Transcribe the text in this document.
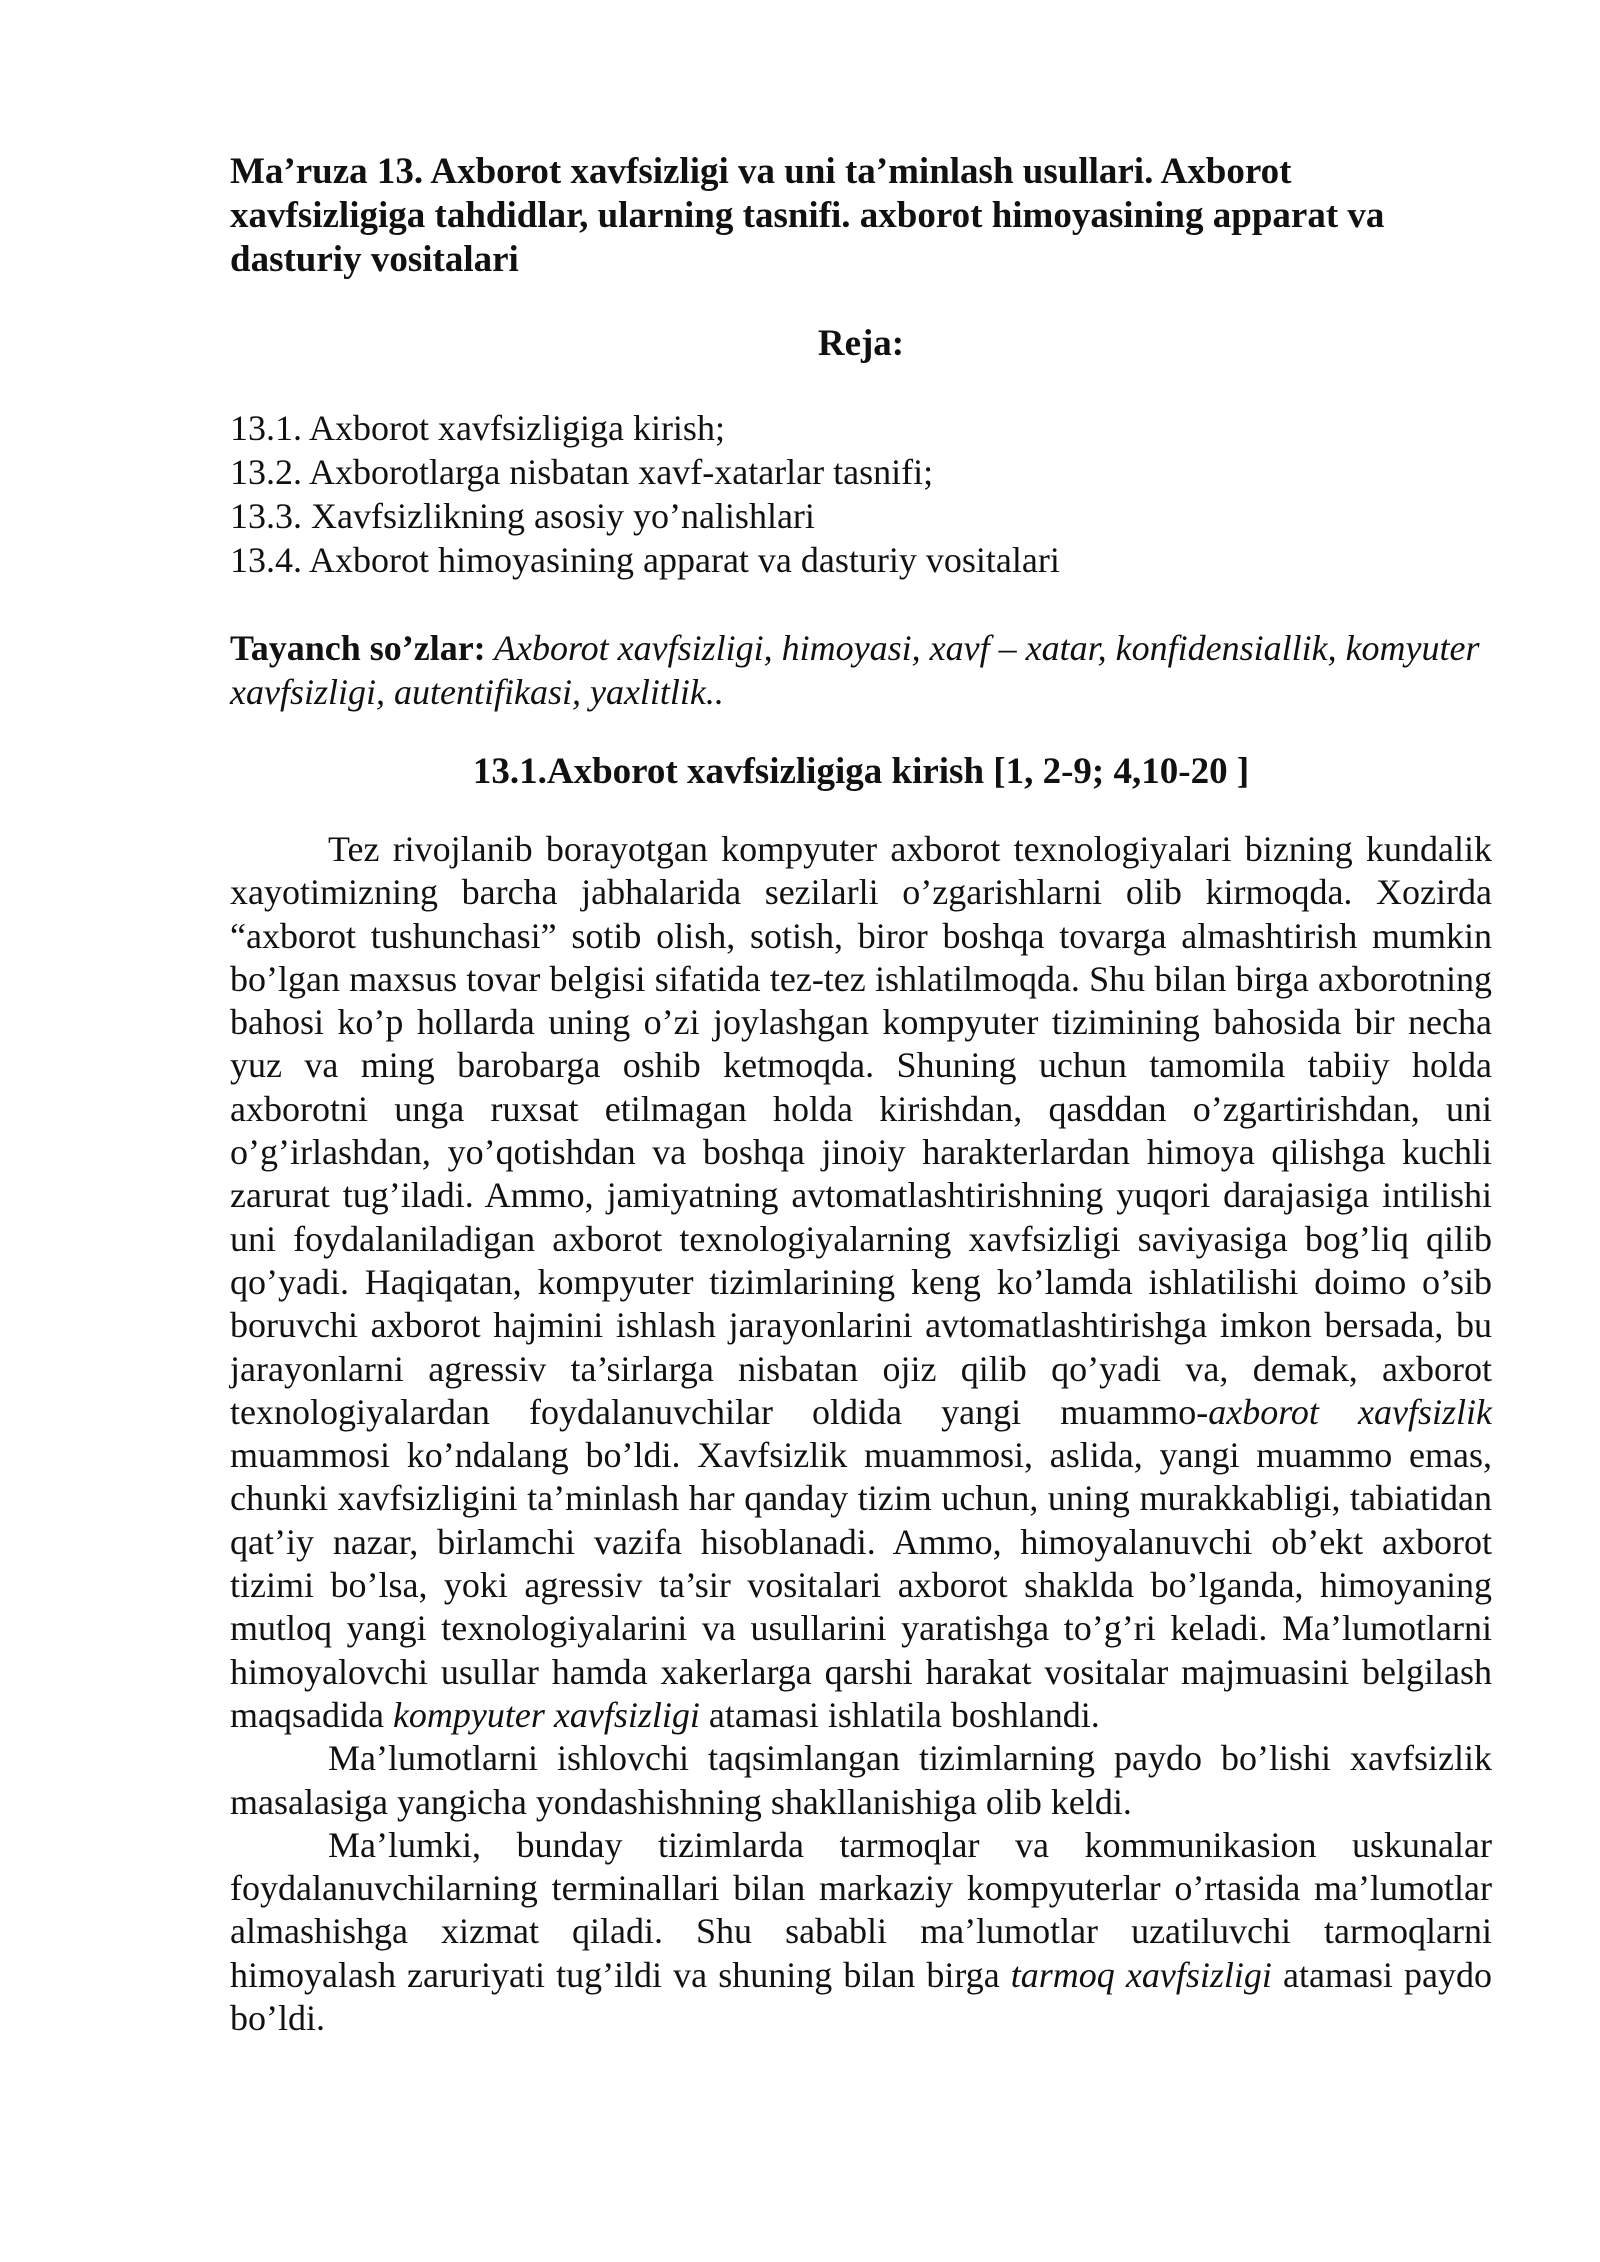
Ma’ruza 13. Axborot xavfsizligi va uni ta’minlash usullari. Axborot xavfsizligiga tahdidlar, ularning tasnifi. axborot himoyasining apparat va dasturiy vositalari
Reja:
13.1. Axborot xavfsizligiga kirish;
13.2. Axborotlarga nisbatan xavf-xatarlar tasnifi;
13.3. Xavfsizlikning asosiy yo’nalishlari
13.4. Axborot himoyasining apparat va dasturiy vositalari

Tayanch so’zlar: Axborot xavfsizligi, himoyasi, xavf – xatar, konfidensiallik, komyuter xavfsizligi, autentifikasi, yaxlitlik..

13.1.Axborot xavfsizligiga kirish [1, 2-9; 4,10-20 ]

Tez rivojlanib borayotgan kompyuter axborot texnologiyalari bizning kundalik xayotimizning barcha jabhalarida sezilarli o’zgarishlarni olib kirmoqda. Xozirda “axborot tushunchasi” sotib olish, sotish, biror boshqa tovarga almashtirish mumkin bo’lgan maxsus tovar belgisi sifatida tez-tez ishlatilmoqda. Shu bilan birga axborotning bahosi ko’p hollarda uning o’zi joylashgan kompyuter tizimining bahosida bir necha yuz va ming barobarga oshib ketmoqda. Shuning uchun tamomila tabiiy holda axborotni unga ruxsat etilmagan holda kirishdan, qasddan o’zgartirishdan, uni o’g’irlashdan, yo’qotishdan va boshqa jinoiy harakterlardan himoya qilishga kuchli zarurat tug’iladi. Ammo, jamiyatning avtomatlashtirishning yuqori darajasiga intilishi uni foydalaniladigan axborot texnologiyalarning xavfsizligi saviyasiga bog’liq qilib qo’yadi. Haqiqatan, kompyuter tizimlarining keng ko’lamda ishlatilishi doimo o’sib boruvchi axborot hajmini ishlash jarayonlarini avtomatlashtirishga imkon bersada, bu jarayonlarni agressiv ta’sirlarga nisbatan ojiz qilib qo’yadi va, demak, axborot texnologiyalardan foydalanuvchilar oldida yangi muammo-axborot xavfsizlik muammosi ko’ndalang bo’ldi. Xavfsizlik muammosi, aslida, yangi muammo emas, chunki xavfsizligini ta’minlash har qanday tizim uchun, uning murakkabligi, tabiatidan qat’iy nazar, birlamchi vazifa hisoblanadi. Ammo, himoyalanuvchi ob’ekt axborot tizimi bo’lsa, yoki agressiv ta’sir vositalari axborot shakldа bo’lganda, himoyaning mutloq yangi texnologiyalarini va usullarini yaratishga to’g’ri keladi. Ma’lumotlarni himoyalovchi usullar hamda xakerlarga qarshi harakat vositalar majmuasini belgilash maqsadida kompyuter xavfsizligi atamasi ishlatila boshlandi.

Ma’lumotlarni ishlovchi taqsimlangan tizimlarning paydo bo’lishi xavfsizlik masalasiga yangicha yondashishning shakllanishiga olib keldi.

Ma’lumki, bunday tizimlarda tarmoqlar va kommunikasion uskunalar foydalanuvchilarning terminallari bilan markaziy kompyuterlar o’rtasida ma’lumotlar almashishga xizmat qiladi. Shu sababli ma’lumotlar uzatiluvchi tarmoqlarni himoyalash zaruriyati tug’ildi va shuning bilan birga tarmoq xavfsizligi atamasi paydo bo’ldi.
